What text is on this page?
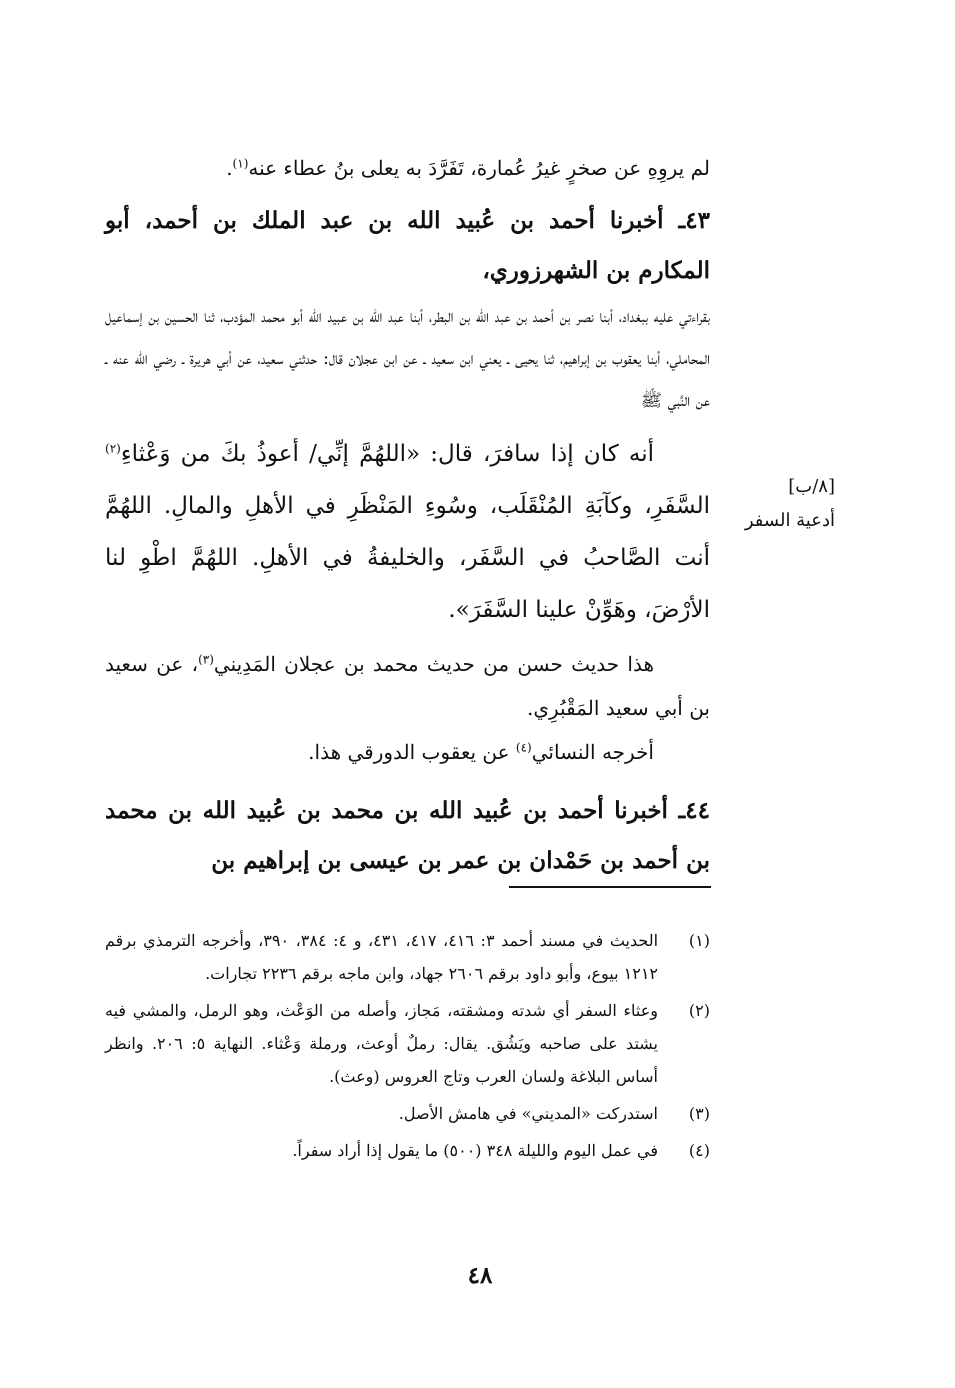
لم يروِهِ عن صخرٍ غيرُ عُمارة، تَفَرَّدَ به يعلى بنُ عطاء عنه$^{(١)}$.

٤٣ـ أخبرنا أحمد بن عُبيد الله بن عبد الملك بن أحمد، أبو المكارم بن الشهرزوري،

بقراءتي عليه ببغداد، أبنا نصر بن أحمد بن عبد الله بن البطر، أبنا عبد الله بن عبيد الله أبو محمد المؤدب، ثنا الحسين بن إسماعيل المحاملي، أبنا يعقوب بن إبراهيم، ثنا يحيى ـ يعني ابن سعيد ـ عن ابن عجلان قال: حدثني سعيد، عن أبي هريرة ـ رضي الله عنه ـ عن النَّبي ﷺ

أنه كان إذا سافرَ، قال: «اللهُمَّ إنِّي/ أعوذُ بكَ من وَعْثاءِ$^{(٢)}$ السَّفَرِ، وكآبَةِ المُنْقَلَب، وسُوءِ المَنْظَرِ في الأهلِ والمالِ. اللهُمَّ أنت الصَّاحبُ في السَّفَر، والخليفةُ في الأهلِ. اللهُمَّ اطْوِ لنا الأرْضَ، وهَوِّنْ علينا السَّفَرَ».

هذا حديث حسن من حديث محمد بن عجلان المَدِيني$^{(٣)}$، عن سعيد بن أبي سعيد المَقْبُرِي.

أخرجه النسائي$^{(٤)}$ عن يعقوب الدورقي هذا.

٤٤ـ أخبرنا أحمد بن عُبيد الله بن محمد بن عُبيد الله بن محمد بن أحمد بن حَمْدان بن عمر بن عيسى بن إبراهيم بن

[٨/ب]
أدعية السفر
(١)
الحديث في مسند أحمد ٣: ٤١٦، ٤١٧، ٤٣١، و ٤: ٣٨٤، ٣٩٠، وأخرجه الترمذي برقم ١٢١٢ بيوع، وأبو داود برقم ٢٦٠٦ جهاد، وابن ماجه برقم ٢٢٣٦ تجارات.
(٢)
وعثاء السفر أي شدته ومشقته، مَجاز، وأصله من الوَعْث، وهو الرمل، والمشي فيه يشتد على صاحبه ويَشُق. يقال: رملٌ أوعث، ورملة وَعْثاء. النهاية ٥: ٢٠٦. وانظر أساس البلاغة ولسان العرب وتاج العروس (وعث).
(٣)
استدركت «المديني» في هامش الأصل.
(٤)
في عمل اليوم والليلة ٣٤٨ (٥٠٠) ما يقول إذا أراد سفراً.
٤٨
